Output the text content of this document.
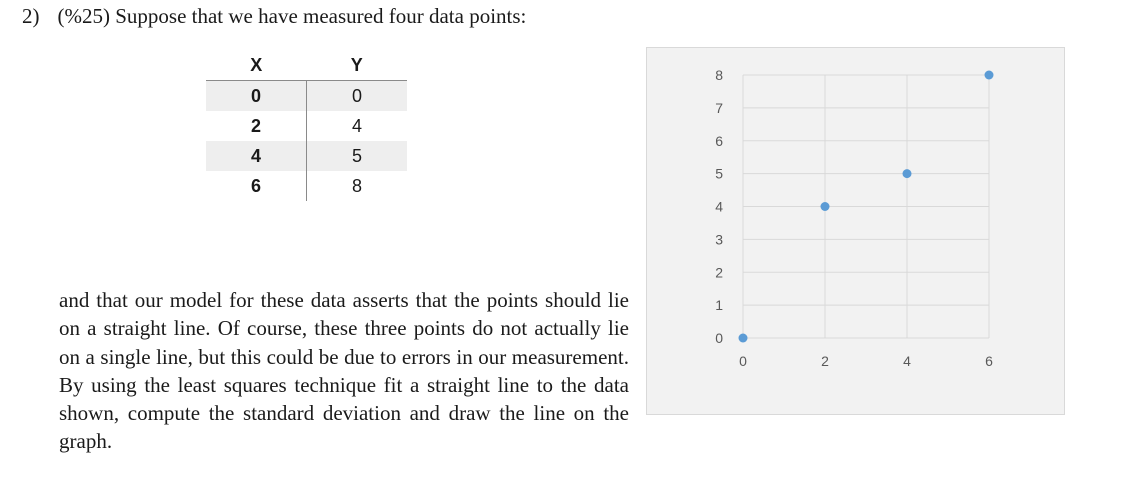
2) (%25) Suppose that we have measured four data points:
X	Y
0	0
2	4
4	5
6	8
and that our model for these data asserts that the points should lie on a straight line. Of course, these three points do not actually lie on a single line, but this could be due to errors in our measurement. By using the least squares technique fit a straight line to the data shown, compute the standard deviation and draw the line on the graph.
0
1
2
3
4
5
6
7
8
0	2	4	6
